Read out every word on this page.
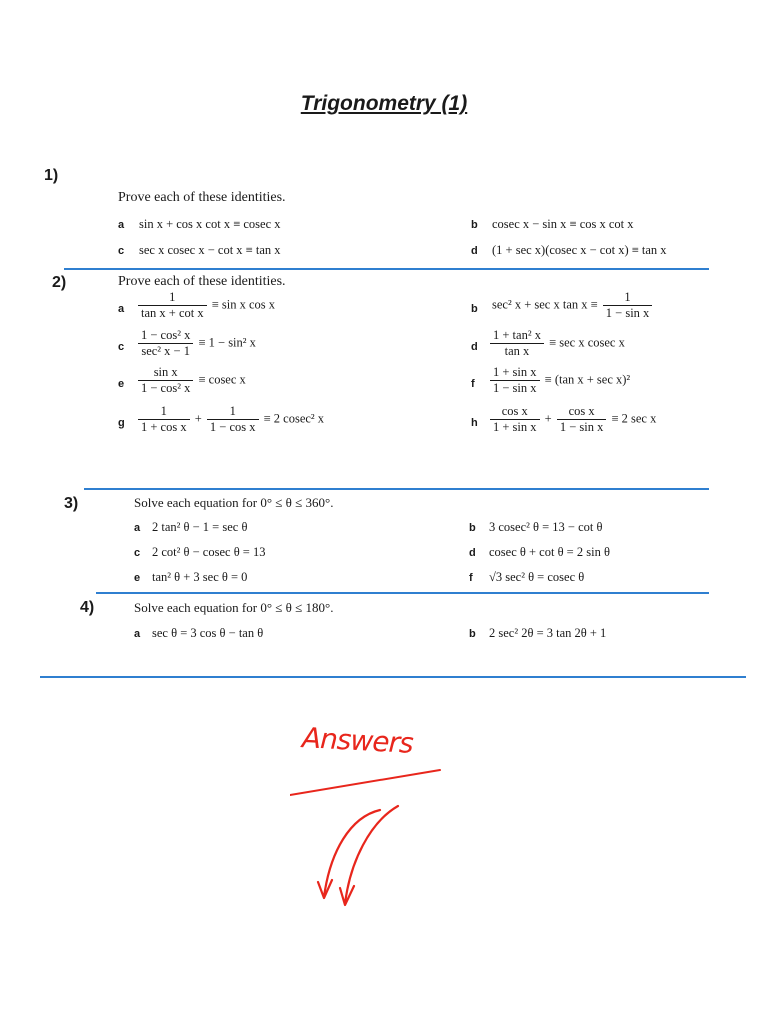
Trigonometry (1)
1)
Prove each of these identities.
a sin x + cos x cot x ≡ cosec x	b cosec x − sin x ≡ cos x cot x
c sec x cosec x − cot x ≡ tan x	d (1 + sec x)(cosec x − cot x) ≡ tan x
2)	Prove each of these identities.
a $\frac{1}{\text{tan x + cot x}} \equiv \sin x$ cos x	b sec² x + sec x $\tan x \equiv \frac{1}{\text{1 − sin x}}$
c $\frac{\text{1 − cos² x}}{\text{sec² x − 1}} \equiv 1 - \sin^2$ x	d $\frac{\text{1 + tan² x}}{\text{tan x}} \equiv \sec x$ cosec x
e $\frac{\text{sin x}}{\text{1 − cos² x}} \equiv cosec$ x	f $\frac{\text{1 + sin x}}{\text{1 − sin x}} \equiv (\tan$ x + sec x)²
g $\frac{1}{\text{1 + cos x}} + \frac{1}{\text{1 − cos x}} \equiv 2$ cosec² x	h $\frac{\text{cos x}}{\text{1 + sin x}} + \frac{\text{cos x}}{\text{1 − sin x}} \equiv 2$ sec x
3)	Solve each equation for 0° ≤ θ ≤ 360°.
a 2 tan² θ − 1 = sec θ	b 3 cosec² θ = 13 − cot θ
c 2 cot² θ − cosec θ = 13	d cosec θ + cot θ = 2 sin θ
e tan² θ + 3 sec θ = 0	f √3 sec² θ = cosec θ
4)	Solve each equation for 0° ≤ θ ≤ 180°.
a sec θ = 3 cos θ − tan θ	b 2 sec² 2θ = 3 tan 2θ + 1
Answers
